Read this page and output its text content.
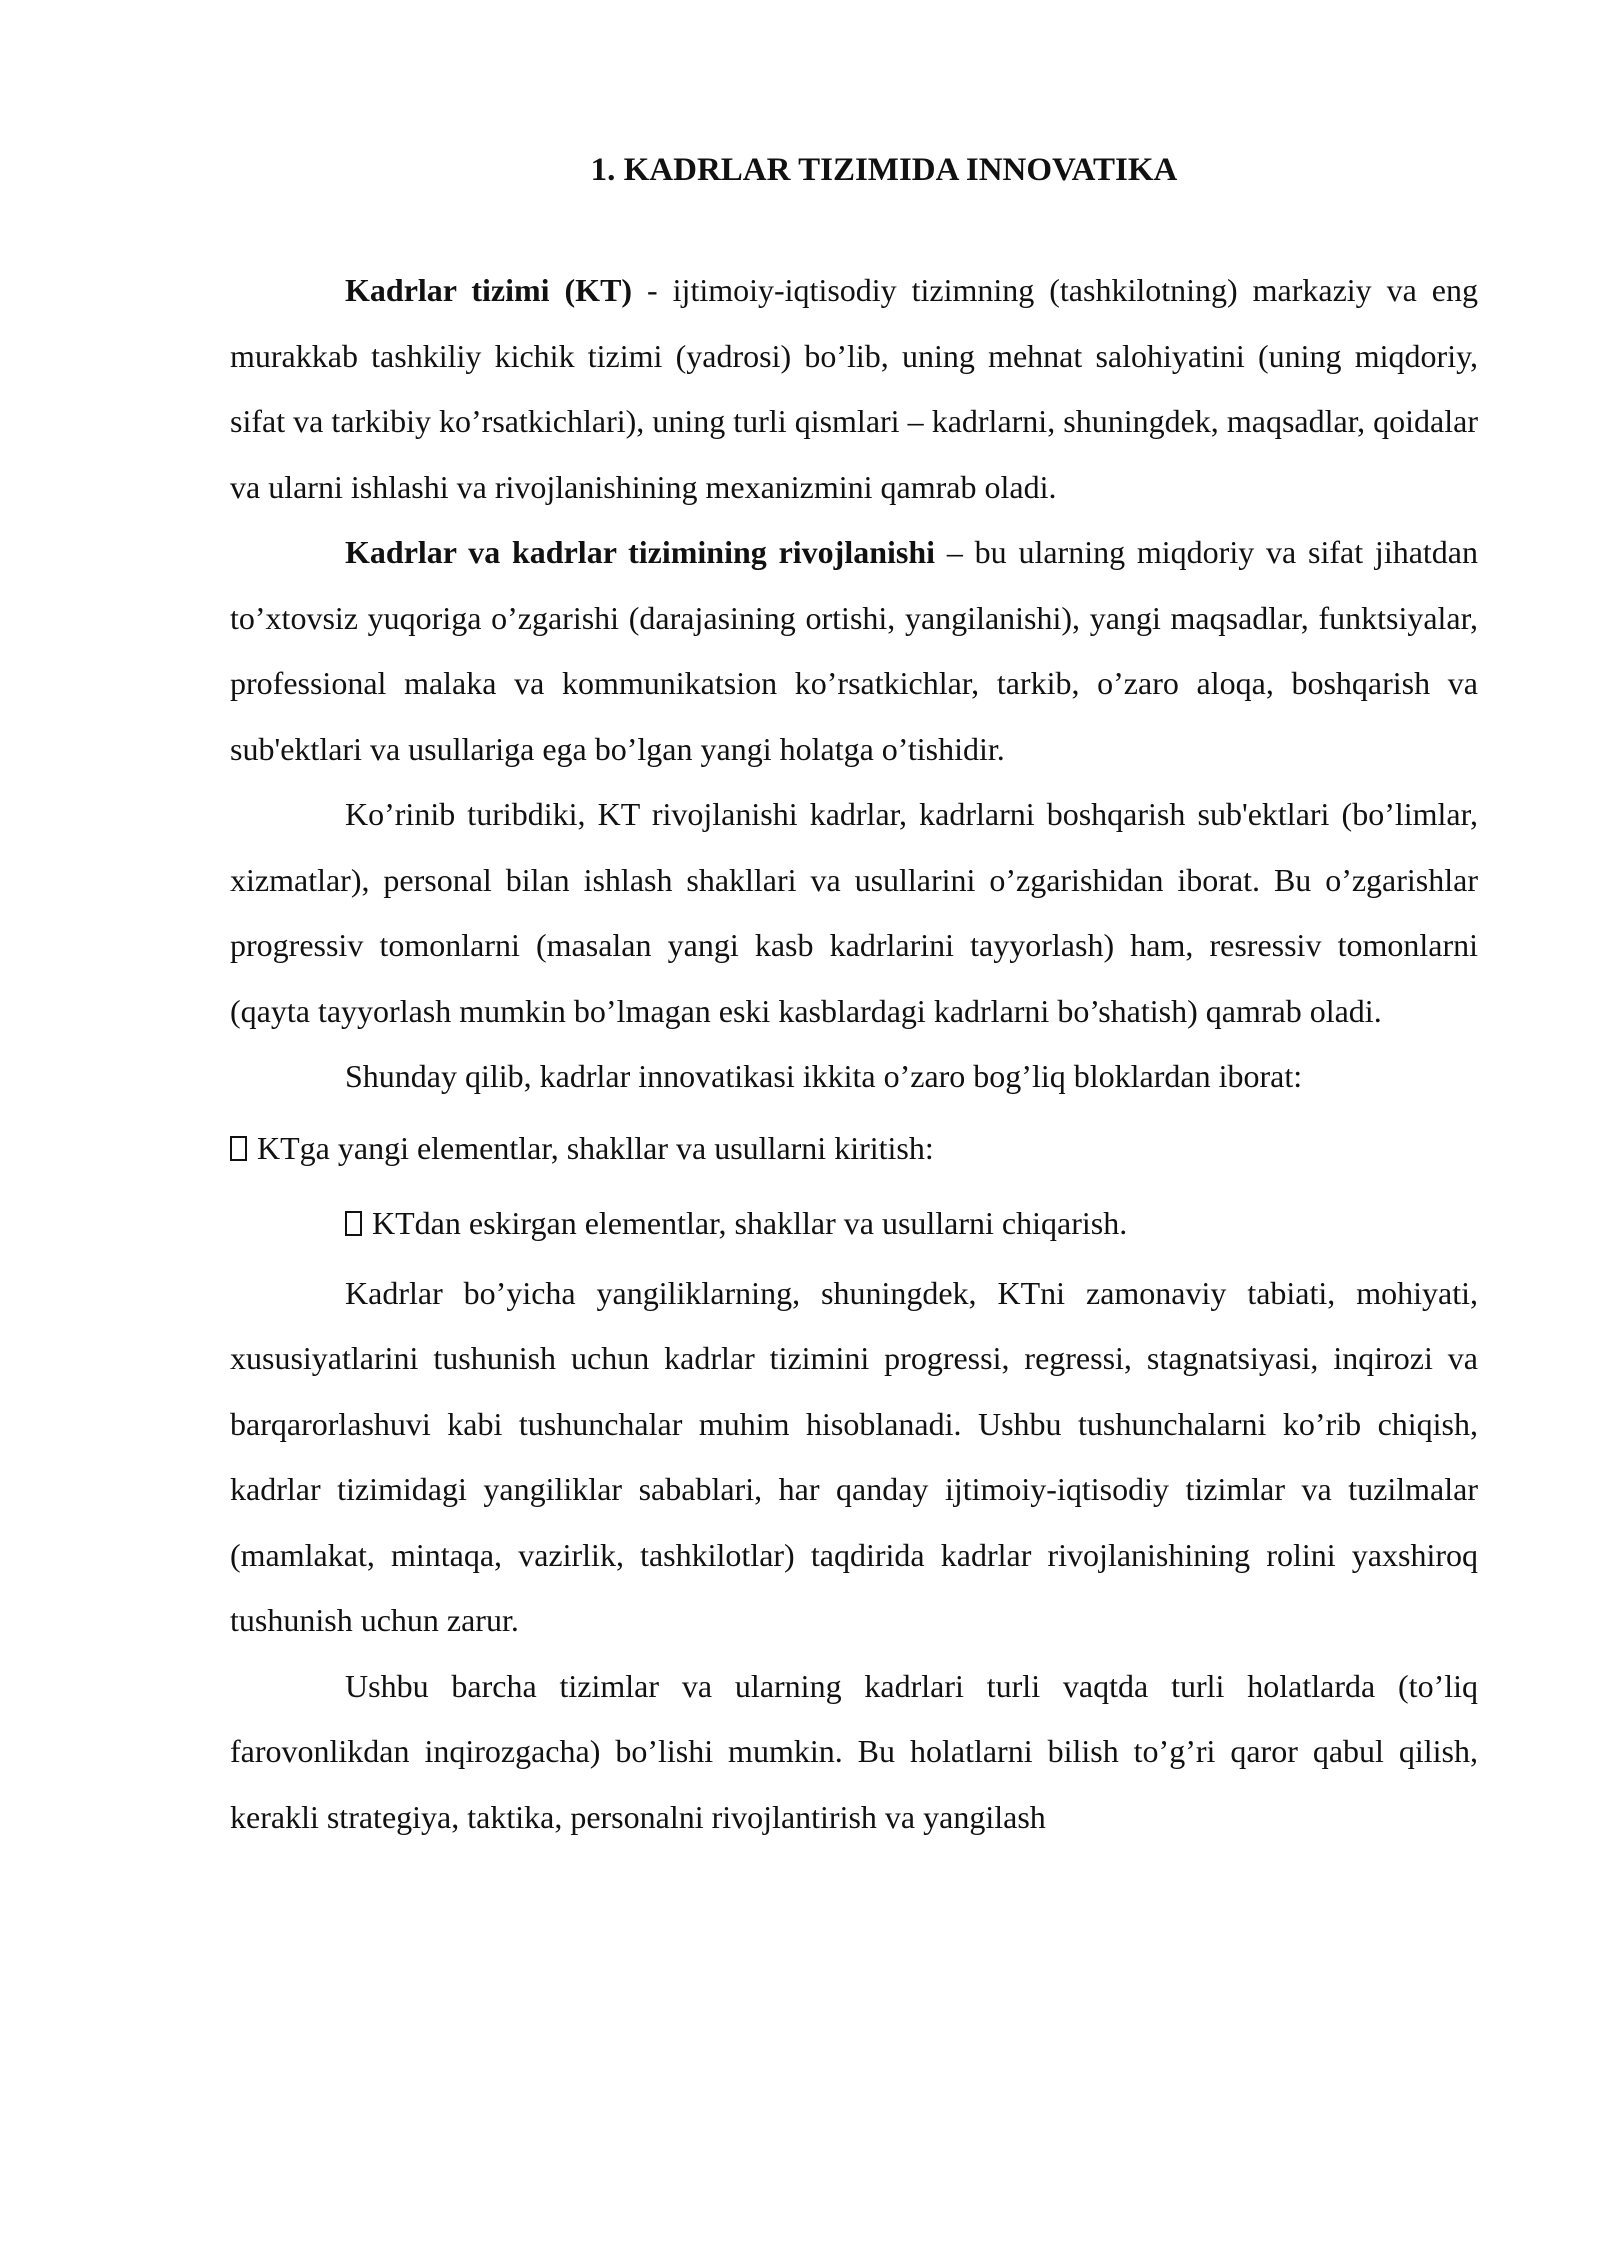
1. KADRLAR TIZIMIDA INNOVATIKA

Kadrlar tizimi (KT) - ijtimoiy-iqtisodiy tizimning (tashkilotning) markaziy va eng murakkab tashkiliy kichik tizimi (yadrosi) bo’lib, uning mehnat salohiyatini (uning miqdoriy, sifat va tarkibiy ko’rsatkichlari), uning turli qismlari – kadrlarni, shuningdek, maqsadlar, qoidalar va ularni ishlashi va rivojlanishining mexanizmini qamrab oladi.

Kadrlar va kadrlar tizimining rivojlanishi – bu ularning miqdoriy va sifat jihatdan to’xtovsiz yuqoriga o’zgarishi (darajasining ortishi, yangilanishi), yangi maqsadlar, funktsiyalar, professional malaka va kommunikatsion ko’rsatkichlar, tarkib, o’zaro aloqa, boshqarish va sub'ektlari va usullariga ega bo’lgan yangi holatga o’tishidir.

Ko’rinib turibdiki, KT rivojlanishi kadrlar, kadrlarni boshqarish sub'ektlari (bo’limlar, xizmatlar), personal bilan ishlash shakllari va usullarini o’zgarishidan iborat. Bu o’zgarishlar progressiv tomonlarni (masalan yangi kasb kadrlarini tayyorlash) ham, resressiv tomonlarni (qayta tayyorlash mumkin bo’lmagan eski kasblardagi kadrlarni bo’shatish) qamrab oladi.

Shunday qilib, kadrlar innovatikasi ikkita o’zaro bog’liq bloklardan iborat:

KTga yangi elementlar, shakllar va usullarni kiritish:

KTdan eskirgan elementlar, shakllar va usullarni chiqarish.

Kadrlar bo’yicha yangiliklarning, shuningdek, KTni zamonaviy tabiati, mohiyati, xususiyatlarini tushunish uchun kadrlar tizimini progressi, regressi, stagnatsiyasi, inqirozi va barqarorlashuvi kabi tushunchalar muhim hisoblanadi. Ushbu tushunchalarni ko’rib chiqish, kadrlar tizimidagi yangiliklar sabablari, har qanday ijtimoiy-iqtisodiy tizimlar va tuzilmalar (mamlakat, mintaqa, vazirlik, tashkilotlar) taqdirida kadrlar rivojlanishining rolini yaxshiroq tushunish uchun zarur.

Ushbu barcha tizimlar va ularning kadrlari turli vaqtda turli holatlarda (to’liq farovonlikdan inqirozgacha) bo’lishi mumkin. Bu holatlarni bilish to’g’ri qaror qabul qilish, kerakli strategiya, taktika, personalni rivojlantirish va yangilash
